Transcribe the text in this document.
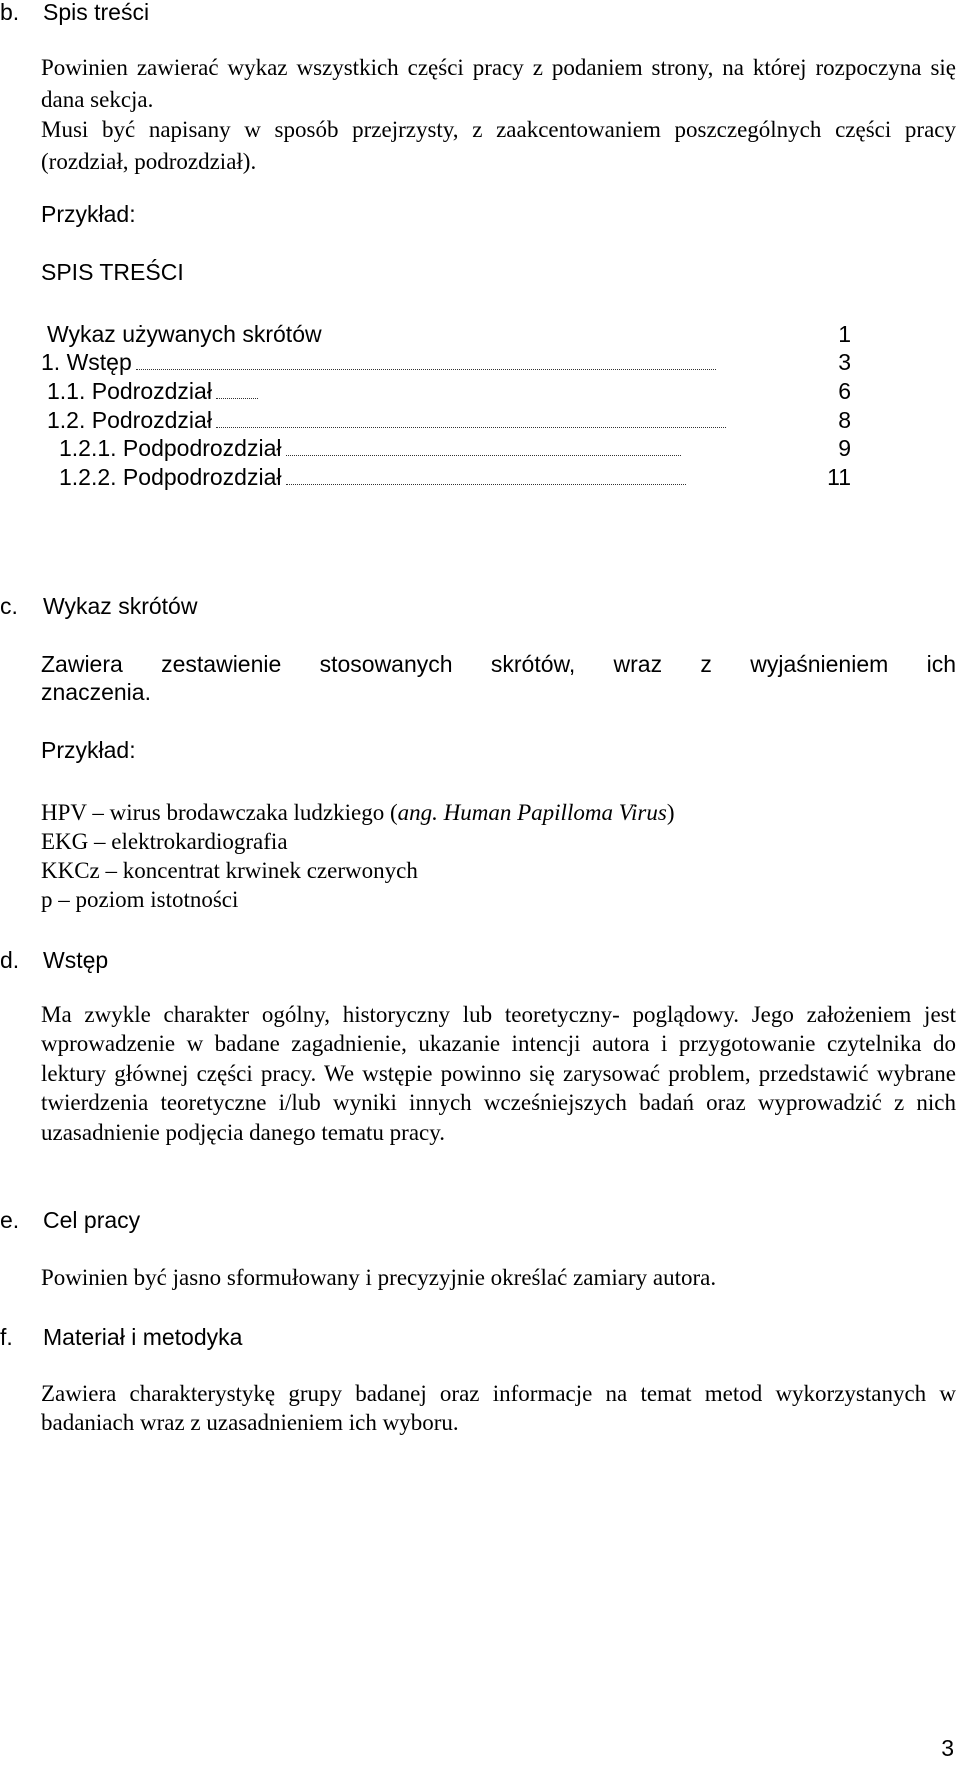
b. Spis treści
Powinien zawierać wykaz wszystkich części pracy z podaniem strony, na której rozpoczyna się dana sekcja.
Musi być napisany w sposób przejrzysty, z zaakcentowaniem poszczególnych części pracy (rozdział, podrozdział).
Przykład:
SPIS TREŚCI
Wykaz używanych skrótów	1
1. Wstęp	3
1.1. Podrozdział	6
1.2. Podrozdział	8
1.2.1. Podpodrozdział	9
1.2.2. Podpodrozdział	11
c. Wykaz skrótów
Zawiera zestawienie stosowanych skrótów, wraz z wyjaśnieniem ich
znaczenia.
Przykład:
HPV – wirus brodawczaka ludzkiego (ang. Human Papilloma Virus)
EKG – elektrokardiografia
KKCz – koncentrat krwinek czerwonych
p – poziom istotności
d. Wstęp
Ma zwykle charakter ogólny, historyczny lub teoretyczny- poglądowy. Jego założeniem jest wprowadzenie w badane zagadnienie, ukazanie intencji autora i przygotowanie czytelnika do lektury głównej części pracy. We wstępie powinno się zarysować problem, przedstawić wybrane twierdzenia teoretyczne i/lub wyniki innych wcześniejszych badań oraz wyprowadzić z nich uzasadnienie podjęcia danego tematu pracy.
e. Cel pracy
Powinien być jasno sformułowany i precyzyjnie określać zamiary autora.
f. Materiał i metodyka
Zawiera charakterystykę grupy badanej oraz informacje na temat metod wykorzystanych w badaniach wraz z uzasadnieniem ich wyboru.
3
